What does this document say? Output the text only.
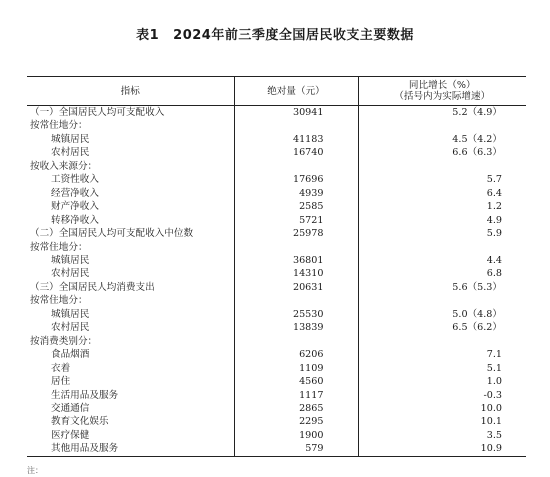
表1 2024年前三季度全国居民收支主要数据
指标	绝对量（元）	同比增长（%）
（括号内为实际增速）

（一）全国居民人均可支配收入	30941	5.2（4.9）
按常住地分：		
城镇居民	41183	4.5（4.2）
农村居民	16740	6.6（6.3）
按收入来源分：		
工资性收入	17696	5.7
经营净收入	4939	6.4
财产净收入	2585	1.2
转移净收入	5721	4.9
（二）全国居民人均可支配收入中位数	25978	5.9
按常住地分：		
城镇居民	36801	4.4
农村居民	14310	6.8
（三）全国居民人均消费支出	20631	5.6（5.3）
按常住地分：		
城镇居民	25530	5.0（4.8）
农村居民	13839	6.5（6.2）
按消费类别分：		
食品烟酒	6206	7.1
衣着	1109	5.1
居住	4560	1.0
生活用品及服务	1117	-0.3
交通通信	2865	10.0
教育文化娱乐	2295	10.1
医疗保健	1900	3.5
其他用品及服务	579	10.9
注：
